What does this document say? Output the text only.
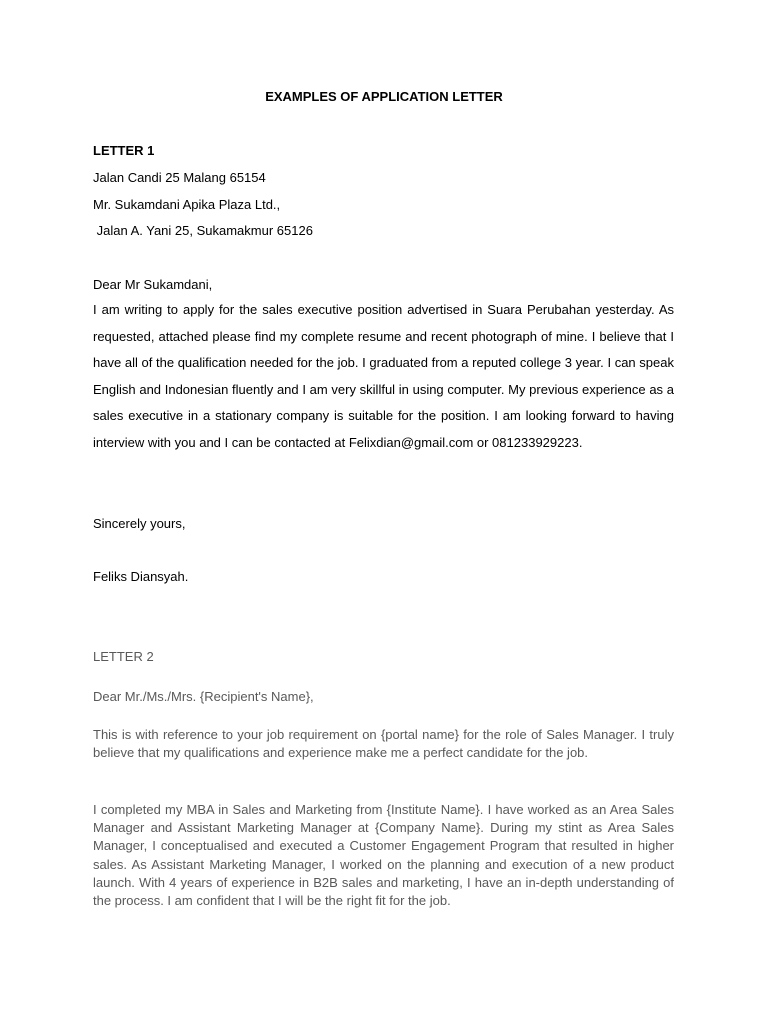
EXAMPLES OF APPLICATION LETTER
LETTER 1
Jalan Candi 25 Malang 65154
Mr. Sukamdani Apika Plaza Ltd.,
Jalan A. Yani 25, Sukamakmur 65126
Dear Mr Sukamdani,
I am writing to apply for the sales executive position advertised in Suara Perubahan yesterday. As requested, attached please find my complete resume and recent photograph of mine. I believe that I have all of the qualification needed for the job. I graduated from a reputed college 3 year. I can speak English and Indonesian fluently and I am very skillful in using computer. My previous experience as a sales executive in a stationary company is suitable for the position. I am looking forward to having interview with you and I can be contacted at Felixdian@gmail.com or 081233929223.
Sincerely yours,
Feliks Diansyah.
LETTER 2
Dear Mr./Ms./Mrs. {Recipient's Name},
This is with reference to your job requirement on {portal name} for the role of Sales Manager. I truly believe that my qualifications and experience make me a perfect candidate for the job.
I completed my MBA in Sales and Marketing from {Institute Name}. I have worked as an Area Sales Manager and Assistant Marketing Manager at {Company Name}. During my stint as Area Sales Manager, I conceptualised and executed a Customer Engagement Program that resulted in higher sales. As Assistant Marketing Manager, I worked on the planning and execution of a new product launch. With 4 years of experience in B2B sales and marketing, I have an in-depth understanding of the process. I am confident that I will be the right fit for the job.
